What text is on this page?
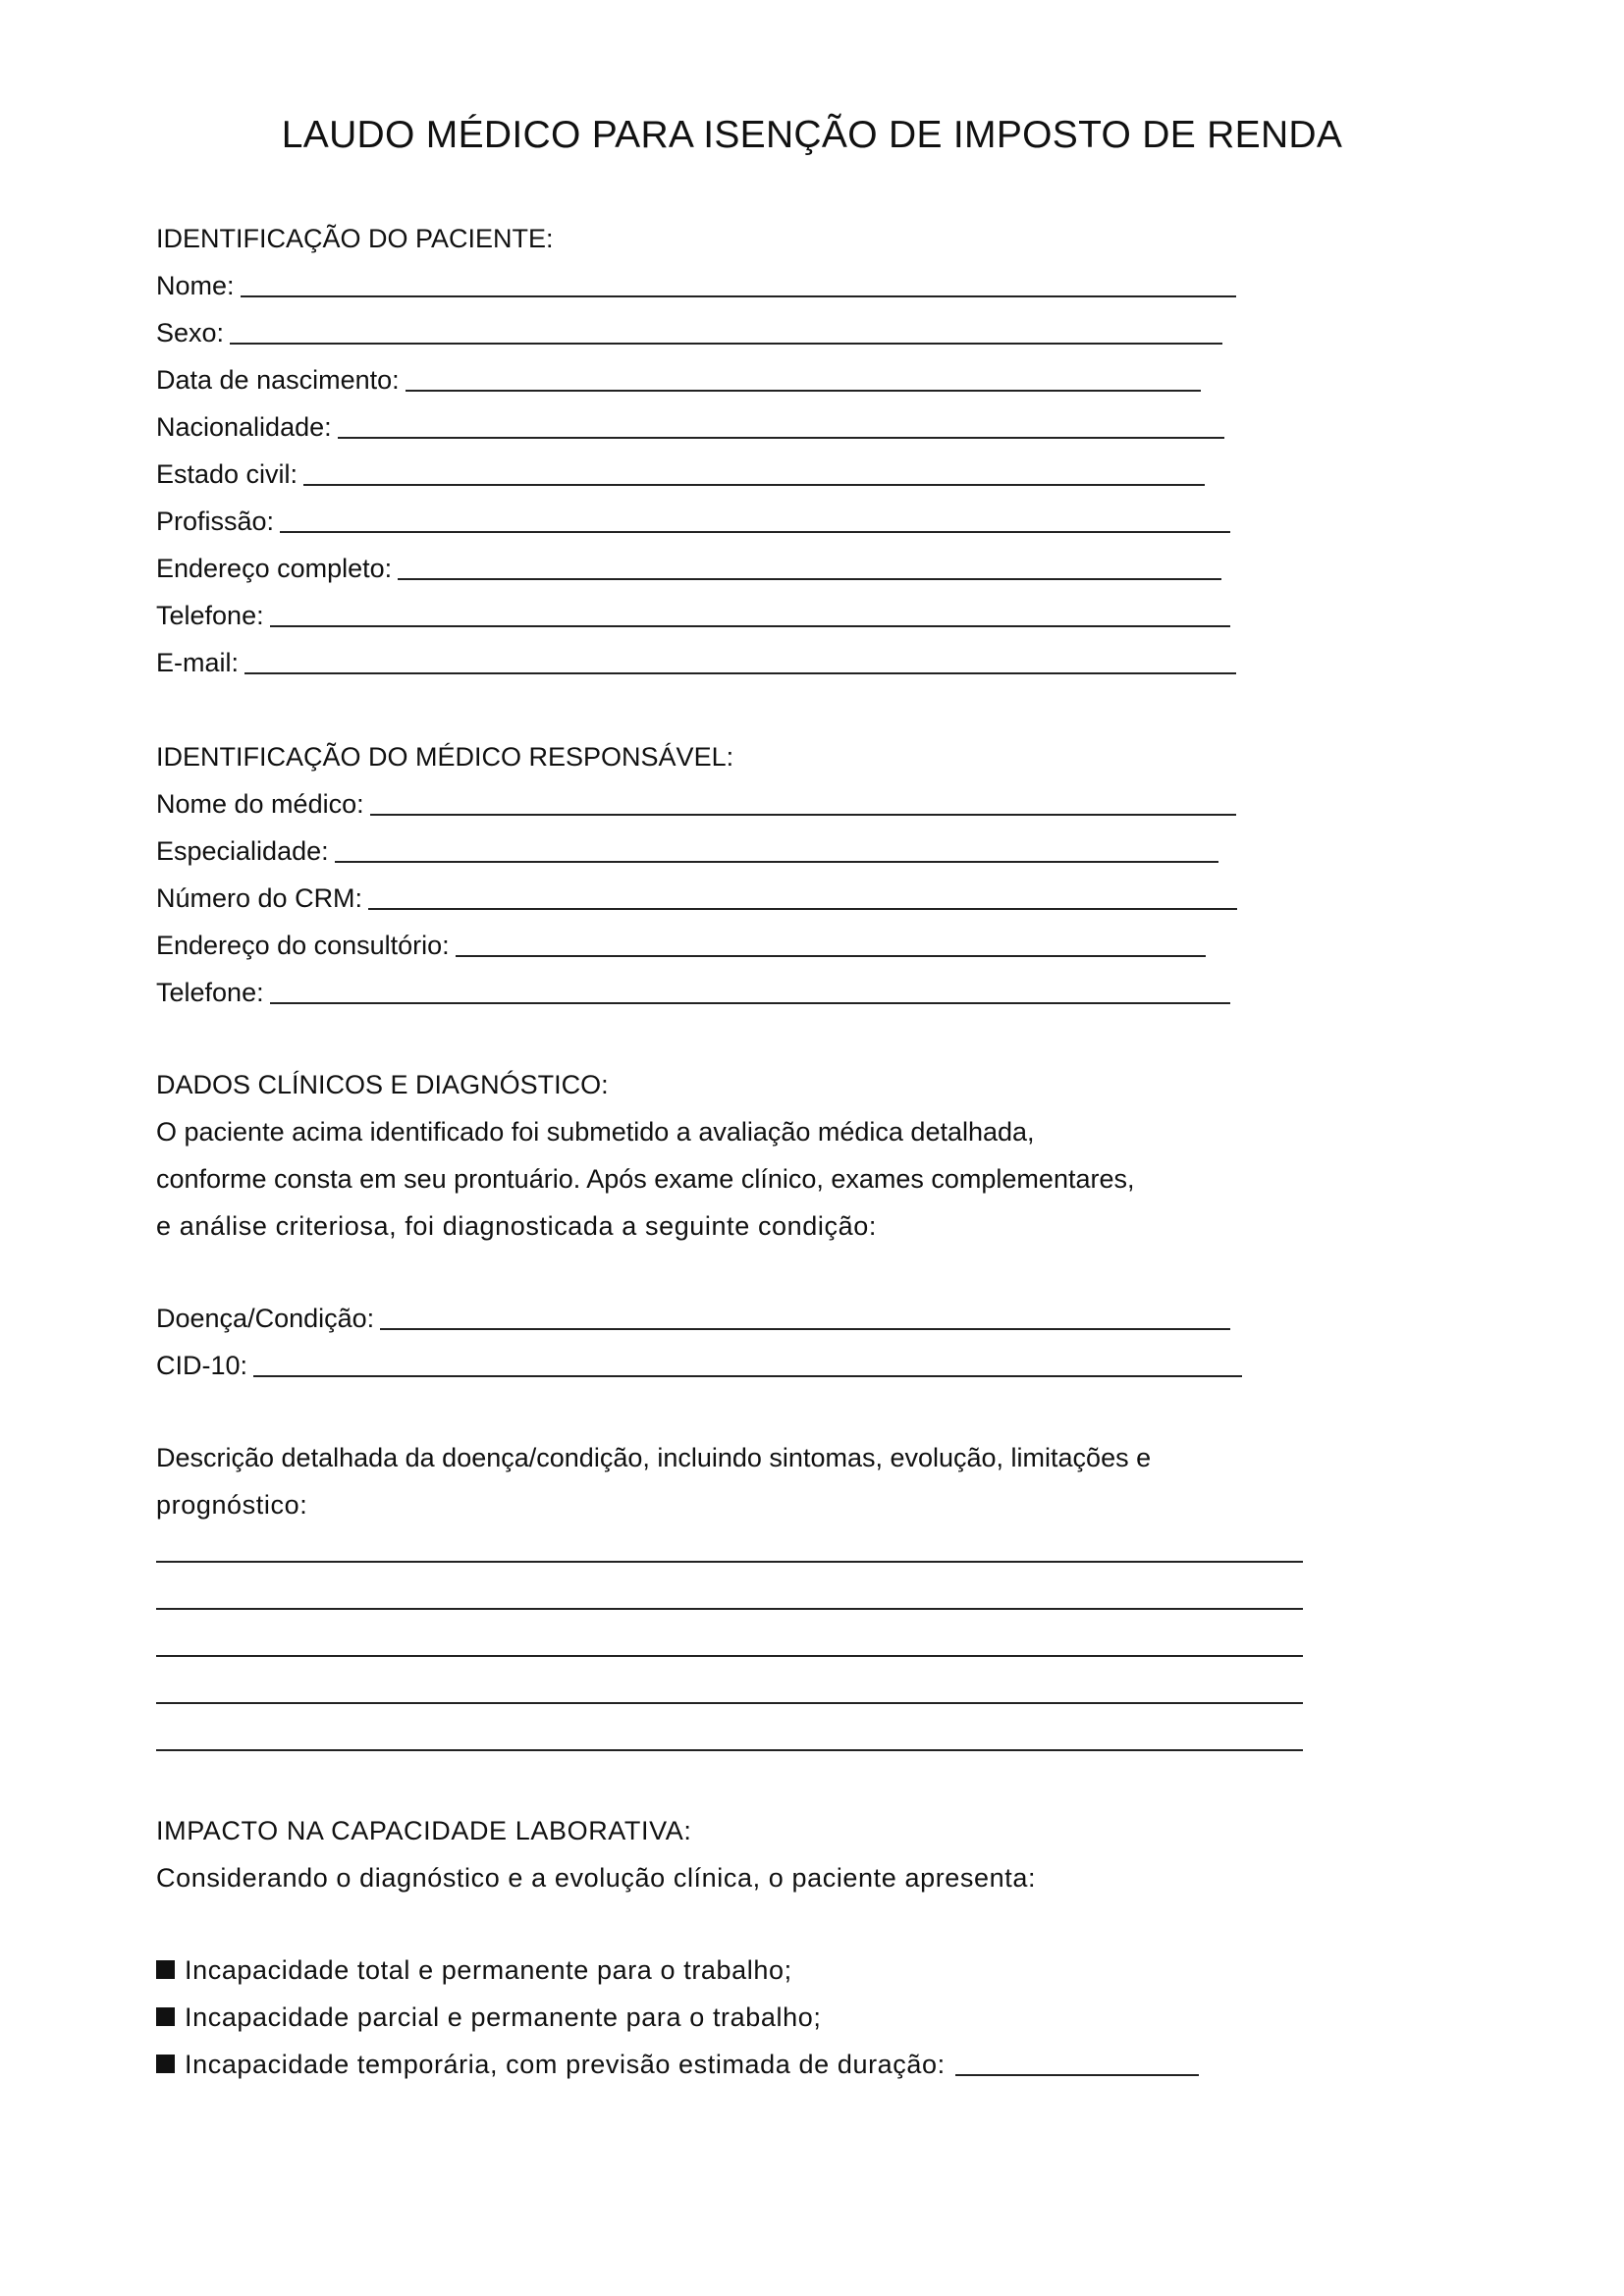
LAUDO MÉDICO PARA ISENÇÃO DE IMPOSTO DE RENDA
IDENTIFICAÇÃO DO PACIENTE:
Nome:
Sexo:
Data de nascimento:
Nacionalidade:
Estado civil:
Profissão:
Endereço completo:
Telefone:
E-mail:
IDENTIFICAÇÃO DO MÉDICO RESPONSÁVEL:
Nome do médico:
Especialidade:
Número do CRM:
Endereço do consultório:
Telefone:
DADOS CLÍNICOS E DIAGNÓSTICO:
O paciente acima identificado foi submetido a avaliação médica detalhada,
conforme consta em seu prontuário. Após exame clínico, exames complementares,
e análise criteriosa, foi diagnosticada a seguinte condição:
Doença/Condição:
CID-10:
Descrição detalhada da doença/condição, incluindo sintomas, evolução, limitações e
prognóstico:
IMPACTO NA CAPACIDADE LABORATIVA:
Considerando o diagnóstico e a evolução clínica, o paciente apresenta:
Incapacidade total e permanente para o trabalho;
Incapacidade parcial e permanente para o trabalho;
Incapacidade temporária, com previsão estimada de duração:
